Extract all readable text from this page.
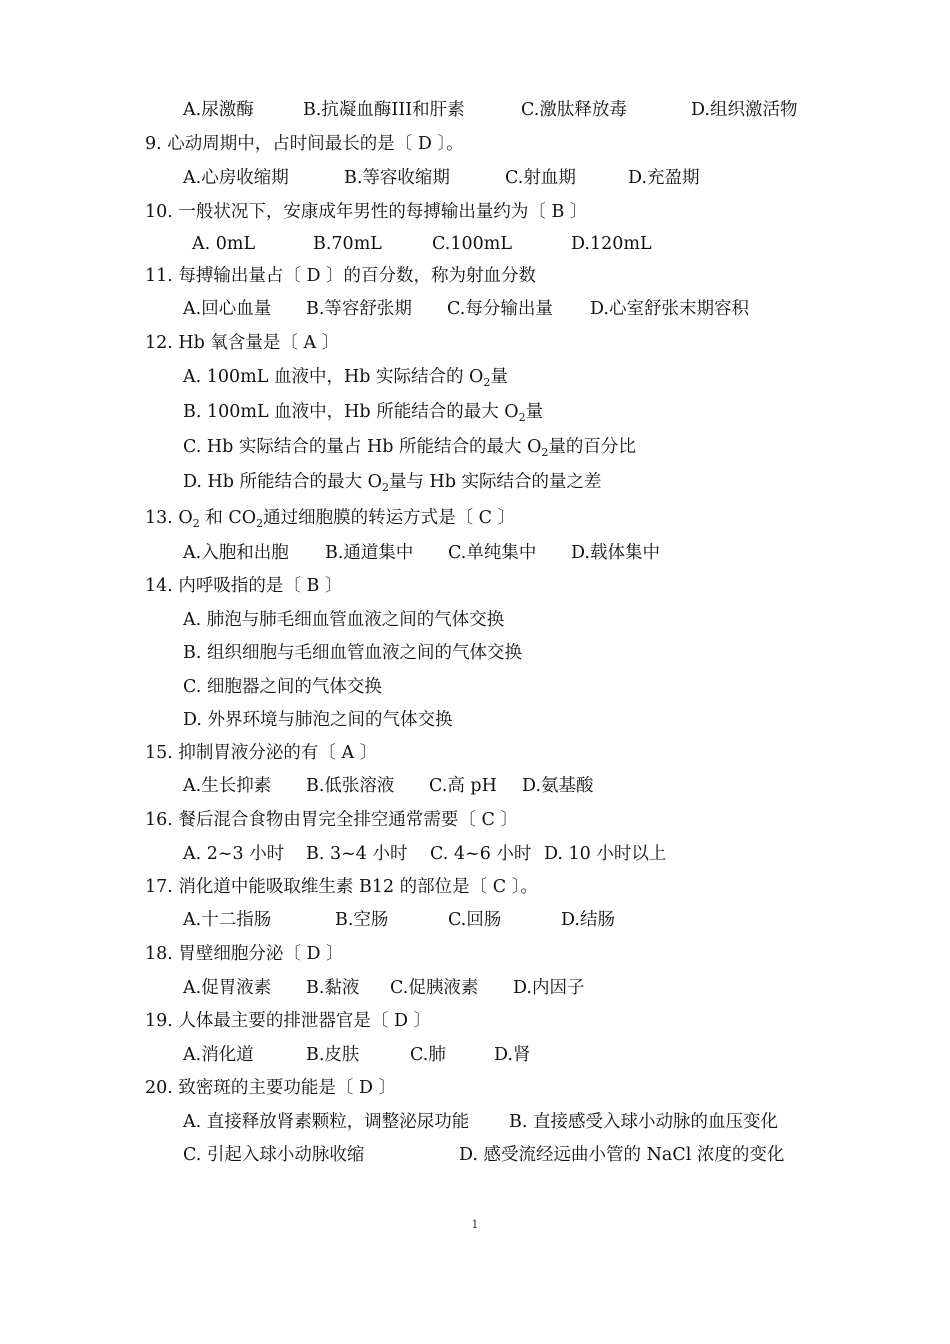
A.尿激酶	B.抗凝血酶III和肝素	C.激肽释放毒	D.组织激活物
9. 心动周期中，占时间最长的是〔 D 〕。
A.心房收缩期	B.等容收缩期	C.射血期	D.充盈期
10. 一般状况下，安康成年男性的每搏输出量约为〔 B 〕
A. 0mL	B.70mL	C.100mL	D.120mL
11. 每搏输出量占〔 D 〕的百分数，称为射血分数
A.回心血量 B.等容舒张期 C.每分输出量 D.心室舒张末期容积
12. Hb 氧含量是〔 A 〕
A. 100mL 血液中，Hb 实际结合的 $O_2$量
B. 100mL 血液中，Hb 所能结合的最大 $O_2$量
C. Hb 实际结合的量占 Hb 所能结合的最大 $O_2$量的百分比
D. Hb 所能结合的最大 $O_2$量与 Hb 实际结合的量之差
13. $O_2$ 和 $CO_2$通过细胞膜的转运方式是〔 C 〕
A.入胞和出胞 B.通道集中 C.单纯集中 D.载体集中
14. 内呼吸指的是〔 B 〕
A. 肺泡与肺毛细血管血液之间的气体交换
B. 组织细胞与毛细血管血液之间的气体交换
C. 细胞器之间的气体交换
D. 外界环境与肺泡之间的气体交换
15. 抑制胃液分泌的有〔 A 〕
A.生长抑素 B.低张溶液 C.高 pH D.氨基酸
16. 餐后混合食物由胃完全排空通常需要〔 C 〕
A. 2~3 小时 B. 3~4 小时 C. 4~6 小时 D. 10 小时以上
17. 消化道中能吸取维生素 B12 的部位是〔 C 〕。
A.十二指肠	B.空肠	C.回肠	D.结肠
18. 胃壁细胞分泌〔 D 〕
A.促胃液素 B.黏液 C.促胰液素 D.内因子
19. 人体最主要的排泄器官是〔 D 〕
A.消化道	B.皮肤	C.肺	D.肾
20. 致密斑的主要功能是〔 D 〕
A. 直接释放肾素颗粒，调整泌尿功能 B. 直接感受入球小动脉的血压变化
C. 引起入球小动脉收缩	D. 感受流经远曲小管的 NaCl 浓度的变化
1
